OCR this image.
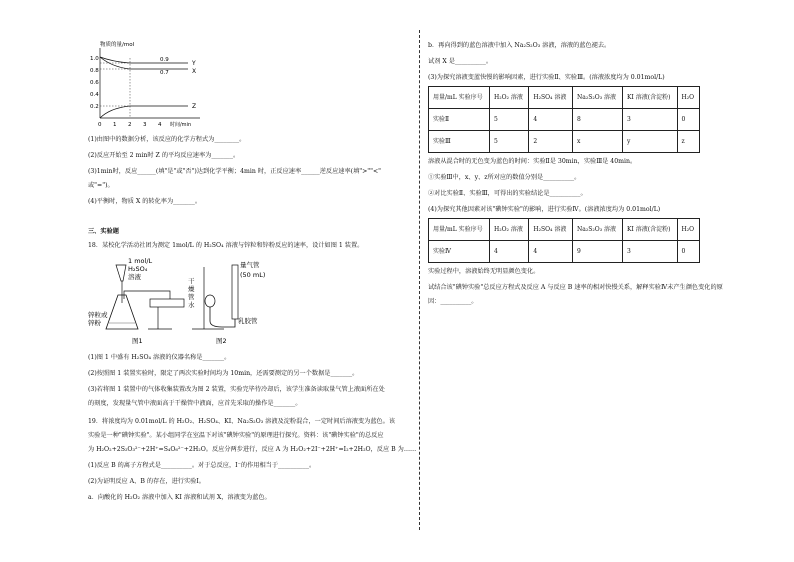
物质的量/mol
1.0
0.8
0.6
0.4
0.2
0 1 2 3 4 时间/min
0.9
0.7
Y
X
Z
(1)由图中的数据分析，该反应的化学方程式为________。
(2)反应开始至 2 min时 Z 的平均反应速率为_______。
(3)1min时，反应______(填"是"或"否")达到化学平衡；4min 时，正反应速率______逆反应速率(填">""<"
或"=")。
(4)平衡时，物质 X 的转化率为_______。
三、实验题
18．某校化学活动社团为测定 1mol/L 的 H₂SO₄ 溶液与锌粒和锌粉反应的速率，设计如图 1 装置。
1 mol/L
H₂SO₄
溶液
锌粒或
锌粉
图1
干
燥
管
水
量气管
(50 mL)
乳胶管
图2
(1)图 1 中盛有 H₂SO₄ 溶液的仪器名称是_______。
(2)按照图 1 装置实验时，限定了两次实验时间均为 10min，还需要测定的另一个数据是_______。
(3)若将图 1 装置中的气体收集装置改为图 2 装置，实验完毕待冷却后，该学生准备读取量气管上液面所在处
的刻度，发现量气管中液面高于干燥管中液面，应首先采取的操作是_______。
19．将浓度均为 0.01mol/L 的 H₂O₂、H₂SO₄、KI、Na₂S₂O₃ 溶液及淀粉混合，一定时间后溶液变为蓝色。该
实验是一种"碘钟实验"。某小组同学在室温下对该"碘钟实验"的原理进行探究。资料：该"碘钟实验"的总反应
为 H₂O₂+2S₂O₃²⁻+2H⁺=S₄O₆²⁻+2H₂O。反应分两步进行，反应 A 为 H₂O₂+2I⁻+2H⁺=I₂+2H₂O，反应 B 为……
(1)反应 B 的离子方程式是__________。对于总反应，I⁻的作用相当于__________。
(2)为证明反应 A、B 的存在，进行实验Ⅰ。
a．向酸化的 H₂O₂ 溶液中加入 KI 溶液和试剂 X，溶液变为蓝色。
b．再向得到的蓝色溶液中加入 Na₂S₂O₃ 溶液，溶液的蓝色褪去。
试剂 X 是__________。
(3)为探究溶液变蓝快慢的影响因素，进行实验Ⅱ、实验Ⅲ。(溶液浓度均为 0.01mol/L)
用量/mL 实验序号	H₂O₂ 溶液	H₂SO₄ 溶液	Na₂S₂O₃ 溶液	KI 溶液(含淀粉)	H₂O
实验Ⅱ	5	4	8	3	0
实验Ⅲ	5	2	x	y	z
溶液从混合时的无色变为蓝色的时间：实验Ⅱ是 30min，实验Ⅲ是 40min。
①实验Ⅲ中，x、y、z所对应的数值分别是__________。
②对比实验Ⅱ、实验Ⅲ，可得出的实验结论是__________。
(4)为探究其他因素对该"碘钟实验"的影响，进行实验Ⅳ。(溶液浓度均为 0.01mol/L)
用量/mL 实验序号	H₂O₂ 溶液	H₂SO₄ 溶液	Na₂S₂O₃ 溶液	KI 溶液(含淀粉)	H₂O
实验Ⅳ	4	4	9	3	0
实验过程中，溶液始终无明显颜色变化。
试结合该"碘钟实验"总反应方程式及反应 A 与反应 B 速率的相对快慢关系，解释实验Ⅳ未产生颜色变化的原
因：__________。
